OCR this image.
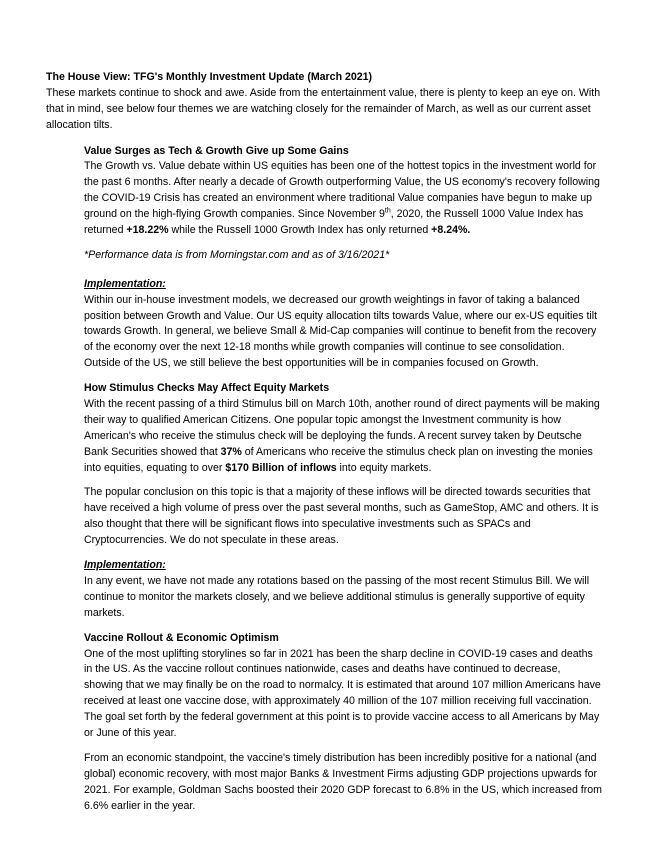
The House View: TFG's Monthly Investment Update (March 2021)

These markets continue to shock and awe. Aside from the entertainment value, there is plenty to keep an eye on. With that in mind, see below four themes we are watching closely for the remainder of March, as well as our current asset allocation tilts.

Value Surges as Tech & Growth Give up Some Gains

The Growth vs. Value debate within US equities has been one of the hottest topics in the investment world for the past 6 months. After nearly a decade of Growth outperforming Value, the US economy's recovery following the COVID-19 Crisis has created an environment where traditional Value companies have begun to make up ground on the high-flying Growth companies. Since November 9th, 2020, the Russell 1000 Value Index has returned +18.22% while the Russell 1000 Growth Index has only returned +8.24%.

*Performance data is from Morningstar.com and as of 3/16/2021*
Implementation:

Within our in-house investment models, we decreased our growth weightings in favor of taking a balanced position between Growth and Value. Our US equity allocation tilts towards Value, where our ex-US equities tilt towards Growth. In general, we believe Small & Mid-Cap companies will continue to benefit from the recovery of the economy over the next 12-18 months while growth companies will continue to see consolidation. Outside of the US, we still believe the best opportunities will be in companies focused on Growth.

How Stimulus Checks May Affect Equity Markets

With the recent passing of a third Stimulus bill on March 10th, another round of direct payments will be making their way to qualified American Citizens. One popular topic amongst the Investment community is how American's who receive the stimulus check will be deploying the funds. A recent survey taken by Deutsche Bank Securities showed that 37% of Americans who receive the stimulus check plan on investing the monies into equities, equating to over $170 Billion of inflows into equity markets.

The popular conclusion on this topic is that a majority of these inflows will be directed towards securities that have received a high volume of press over the past several months, such as GameStop, AMC and others. It is also thought that there will be significant flows into speculative investments such as SPACs and Cryptocurrencies. We do not speculate in these areas.

Implementation:

In any event, we have not made any rotations based on the passing of the most recent Stimulus Bill. We will continue to monitor the markets closely, and we believe additional stimulus is generally supportive of equity markets.

Vaccine Rollout & Economic Optimism

One of the most uplifting storylines so far in 2021 has been the sharp decline in COVID-19 cases and deaths in the US. As the vaccine rollout continues nationwide, cases and deaths have continued to decrease, showing that we may finally be on the road to normalcy. It is estimated that around 107 million Americans have received at least one vaccine dose, with approximately 40 million of the 107 million receiving full vaccination. The goal set forth by the federal government at this point is to provide vaccine access to all Americans by May or June of this year.

From an economic standpoint, the vaccine's timely distribution has been incredibly positive for a national (and global) economic recovery, with most major Banks & Investment Firms adjusting GDP projections upwards for 2021. For example, Goldman Sachs boosted their 2020 GDP forecast to 6.8% in the US, which increased from 6.6% earlier in the year.
